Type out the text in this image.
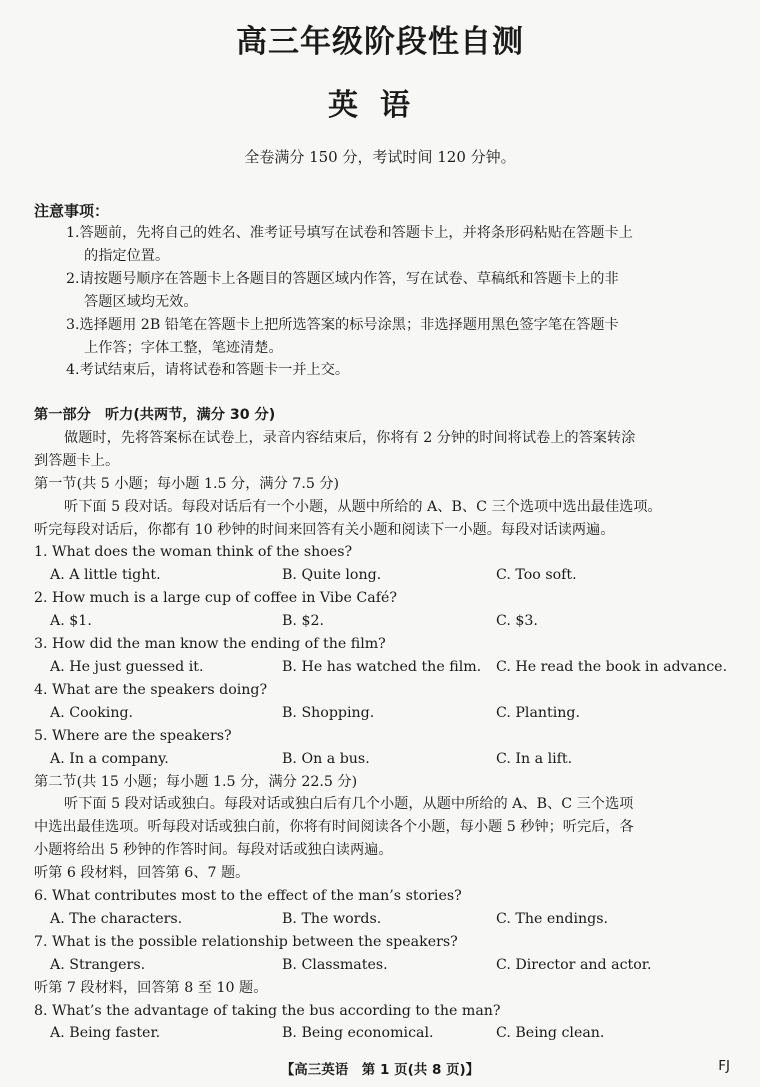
高三年级阶段性自测
英语
全卷满分 150 分，考试时间 120 分钟。
注意事项：
1.答题前，先将自己的姓名、准考证号填写在试卷和答题卡上，并将条形码粘贴在答题卡上
的指定位置。
2.请按题号顺序在答题卡上各题目的答题区域内作答，写在试卷、草稿纸和答题卡上的非
答题区域均无效。
3.选择题用 2B 铅笔在答题卡上把所选答案的标号涂黑；非选择题用黑色签字笔在答题卡
上作答；字体工整，笔迹清楚。
4.考试结束后，请将试卷和答题卡一并上交。
第一部分　听力(共两节，满分 30 分)
做题时，先将答案标在试卷上，录音内容结束后，你将有 2 分钟的时间将试卷上的答案转涂
到答题卡上。
第一节(共 5 小题；每小题 1.5 分，满分 7.5 分)
听下面 5 段对话。每段对话后有一个小题，从题中所给的 A、B、C 三个选项中选出最佳选项。
听完每段对话后，你都有 10 秒钟的时间来回答有关小题和阅读下一小题。每段对话读两遍。
1. What does the woman think of the shoes?
A. A little tight.	B. Quite long.	C. Too soft.
2. How much is a large cup of coffee in Vibe Café?
A. $1.	B. $2.	C. $3.
3. How did the man know the ending of the film?
A. He just guessed it.	B. He has watched the film.	C. He read the book in advance.
4. What are the speakers doing?
A. Cooking.	B. Shopping.	C. Planting.
5. Where are the speakers?
A. In a company.	B. On a bus.	C. In a lift.
第二节(共 15 小题；每小题 1.5 分，满分 22.5 分)
听下面 5 段对话或独白。每段对话或独白后有几个小题，从题中所给的 A、B、C 三个选项
中选出最佳选项。听每段对话或独白前，你将有时间阅读各个小题，每小题 5 秒钟；听完后，各
小题将给出 5 秒钟的作答时间。每段对话或独白读两遍。
听第 6 段材料，回答第 6、7 题。
6. What contributes most to the effect of the man’s stories?
A. The characters.	B. The words.	C. The endings.
7. What is the possible relationship between the speakers?
A. Strangers.	B. Classmates.	C. Director and actor.
听第 7 段材料，回答第 8 至 10 题。
8. What’s the advantage of taking the bus according to the man?
A. Being faster.	B. Being economical.	C. Being clean.
【高三英语　第 1 页(共 8 页)】	FJ
